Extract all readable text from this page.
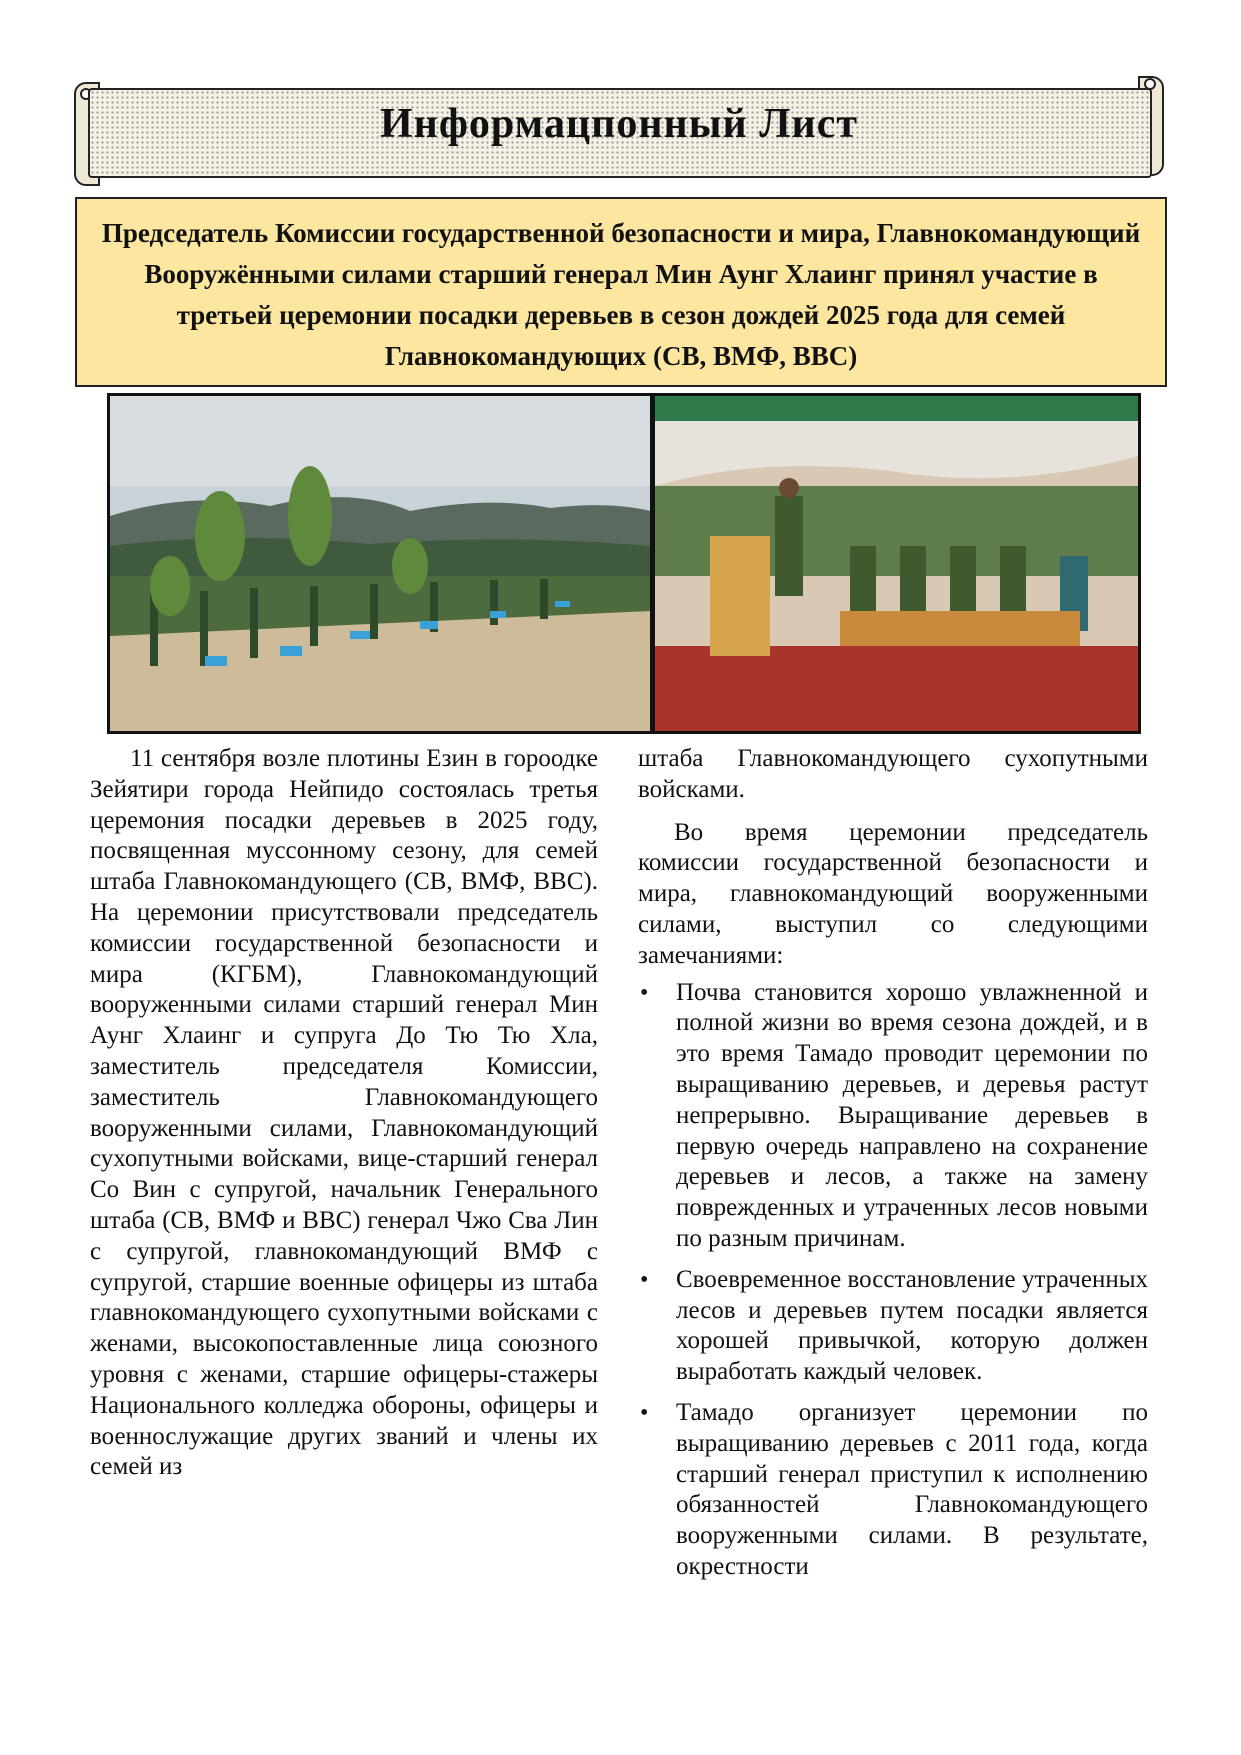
Информацпонный Лист
Председатель Комиссии государственной безопасности и мира, Главнокомандующий Вооружёнными силами старший генерал Мин Аунг Хлаинг принял участие в третьей церемонии посадки деревьев в сезон дождей 2025 года для семей Главнокомандующих (СВ, ВМФ, ВВС)

11 сентября возле плотины Езин в гороодке Зейятири города Нейпидо состоялась третья церемония посадки деревьев в 2025 году, посвященная муссонному сезону, для семей штаба Главнокомандующего (СВ, ВМФ, ВВС). На церемонии присутствовали председатель комиссии государственной безопасности и мира (КГБМ), Главнокомандующий вооруженными силами старший генерал Мин Аунг Хлаинг и супруга До Тю Тю Хла, заместитель председателя Комиссии, заместитель Главнокомандующего вооруженными силами, Главнокомандующий сухопутными войсками, вице-старший генерал Со Вин с супругой, начальник Генерального штаба (СВ, ВМФ и ВВС) генерал Чжо Сва Лин с супругой, главнокомандующий ВМФ с супругой, старшие военные офицеры из штаба главнокомандующего сухопутными войсками с женами, высокопоставленные лица союзного уровня с женами, старшие офицеры-стажеры Национального колледжа обороны, офицеры и военнослужащие других званий и члены их семей из

штаба Главнокомандующего сухопутными войсками.

Во время церемонии председатель комиссии государственной безопасности и мира, главнокомандующий вооруженными силами, выступил со следующими замечаниями:

• Почва становится хорошо увлажненной и полной жизни во время сезона дождей, и в это время Тамадо проводит церемонии по выращиванию деревьев, и деревья растут непрерывно. Выращивание деревьев в первую очередь направлено на сохранение деревьев и лесов, а также на замену поврежденных и утраченных лесов новыми по разным причинам.
• Своевременное восстановление утраченных лесов и деревьев путем посадки является хорошей привычкой, которую должен выработать каждый человек.
• Тамадо организует церемонии по выращиванию деревьев с 2011 года, когда старший генерал приступил к исполнению обязанностей Главнокомандующего вооруженными силами. В результате, окрестности
